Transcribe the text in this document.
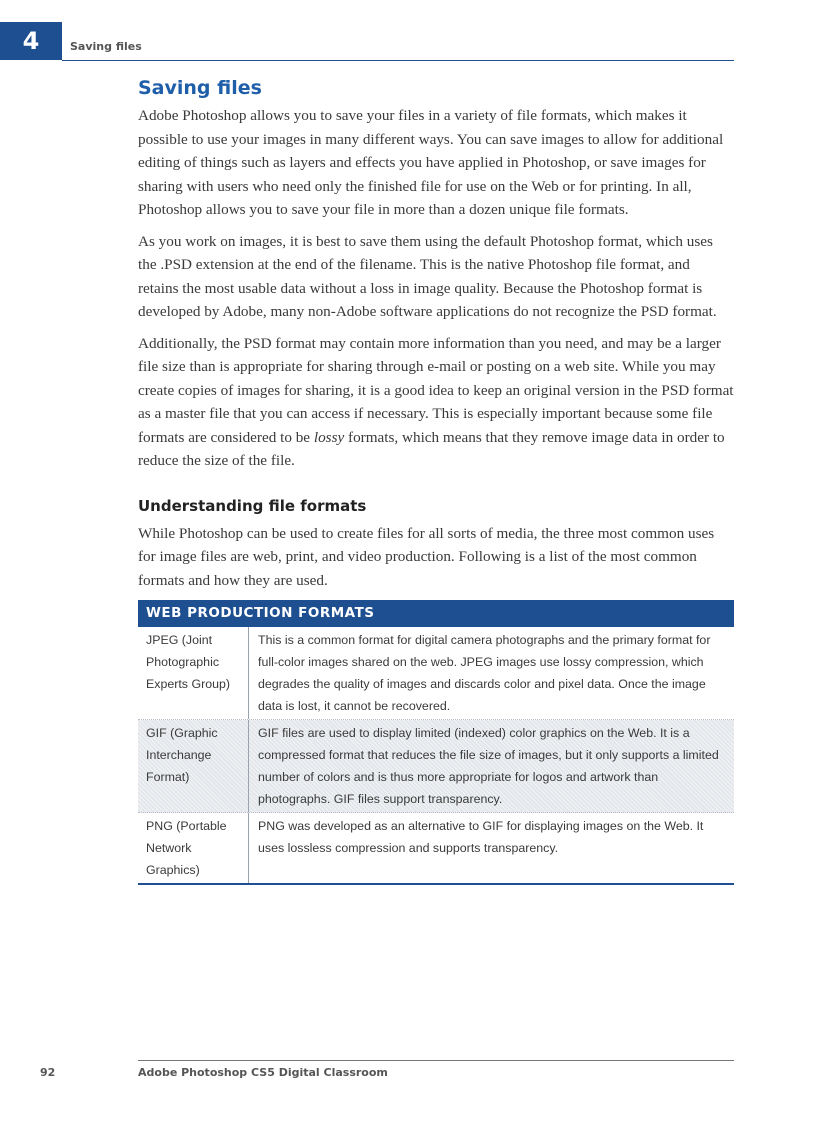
4	Saving files
Saving files

Adobe Photoshop allows you to save your files in a variety of file formats, which makes it possible to use your images in many different ways. You can save images to allow for additional editing of things such as layers and effects you have applied in Photoshop, or save images for sharing with users who need only the finished file for use on the Web or for printing. In all, Photoshop allows you to save your file in more than a dozen unique file formats.

As you work on images, it is best to save them using the default Photoshop format, which uses the .PSD extension at the end of the filename. This is the native Photoshop file format, and retains the most usable data without a loss in image quality. Because the Photoshop format is developed by Adobe, many non-Adobe software applications do not recognize the PSD format.

Additionally, the PSD format may contain more information than you need, and may be a larger file size than is appropriate for sharing through e-mail or posting on a web site. While you may create copies of images for sharing, it is a good idea to keep an original version in the PSD format as a master file that you can access if necessary. This is especially important because some file formats are considered to be lossy formats, which means that they remove image data in order to reduce the size of the file.

Understanding file formats

While Photoshop can be used to create files for all sorts of media, the three most common uses for image files are web, print, and video production. Following is a list of the most common formats and how they are used.

WEB PRODUCTION FORMATS
JPEG (Joint Photographic Experts Group)
This is a common format for digital camera photographs and the primary format for full-color images shared on the web. JPEG images use lossy compression, which degrades the quality of images and discards color and pixel data. Once the image data is lost, it cannot be recovered.
GIF (Graphic Interchange Format)
GIF files are used to display limited (indexed) color graphics on the Web. It is a compressed format that reduces the file size of images, but it only supports a limited number of colors and is thus more appropriate for logos and artwork than photographs. GIF files support transparency.
PNG (Portable Network Graphics)
PNG was developed as an alternative to GIF for displaying images on the Web. It uses lossless compression and supports transparency.
92	Adobe Photoshop CS5 Digital Classroom
